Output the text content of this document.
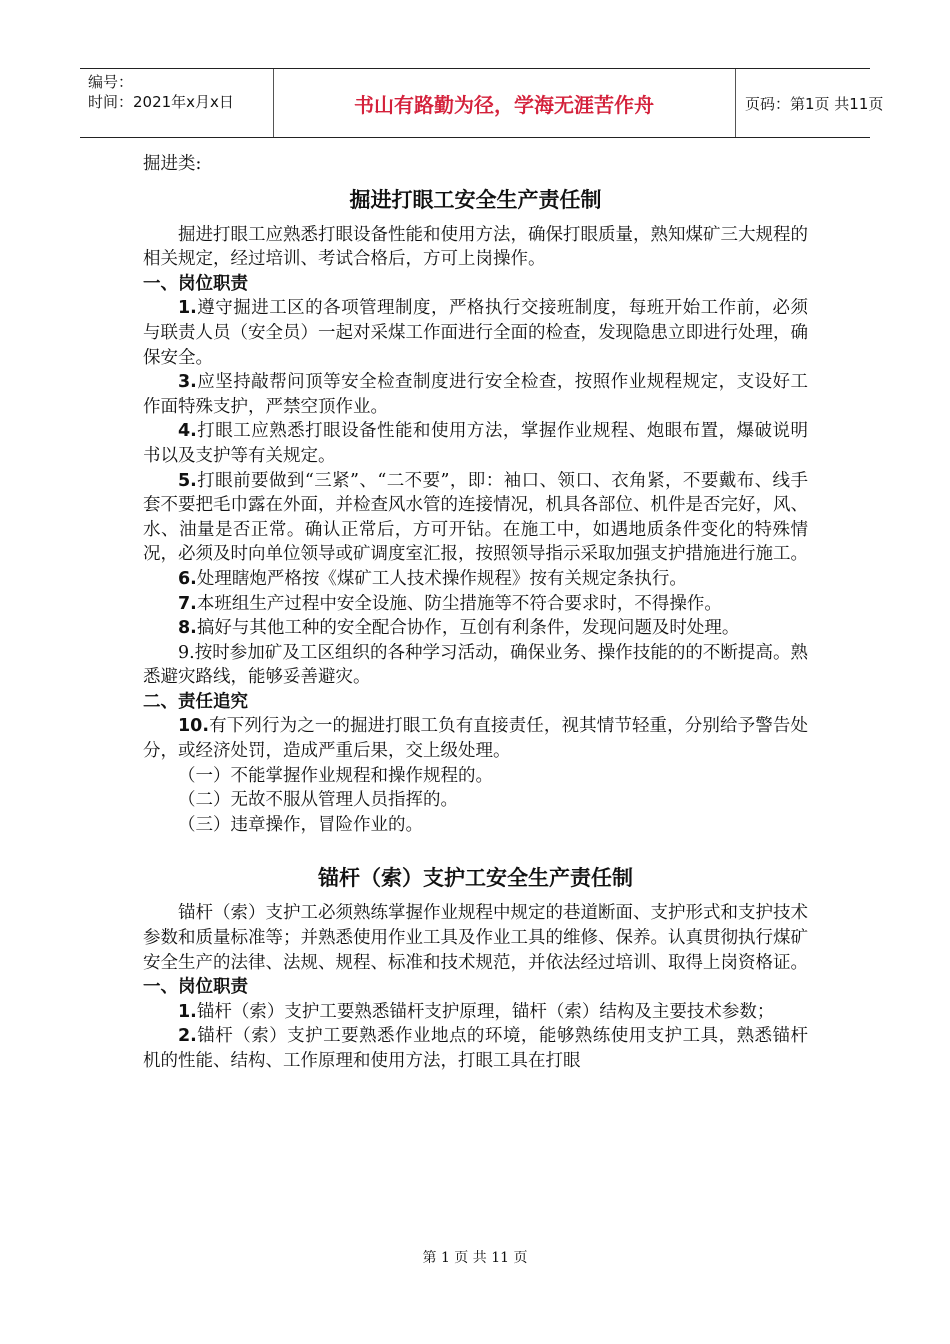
编号：
时间：2021年x月x日	书山有路勤为径，学海无涯苦作舟	页码：第1页 共11页

掘进类:

掘进打眼工安全生产责任制

掘进打眼工应熟悉打眼设备性能和使用方法，确保打眼质量，熟知煤矿三大规程的相关规定，经过培训、考试合格后，方可上岗操作。

一、岗位职责

1.遵守掘进工区的各项管理制度，严格执行交接班制度，每班开始工作前，必须与联责人员（安全员）一起对采煤工作面进行全面的检查，发现隐患立即进行处理，确保安全。

3.应坚持敲帮问顶等安全检查制度进行安全检查，按照作业规程规定，支设好工作面特殊支护，严禁空顶作业。

4.打眼工应熟悉打眼设备性能和使用方法，掌握作业规程、炮眼布置，爆破说明书以及支护等有关规定。

5.打眼前要做到“三紧”、“二不要”，即：袖口、领口、衣角紧，不要戴布、线手套不要把毛巾露在外面，并检查风水管的连接情况，机具各部位、机件是否完好，风、水、油量是否正常。确认正常后，方可开钻。在施工中，如遇地质条件变化的特殊情况，必须及时向单位领导或矿调度室汇报，按照领导指示采取加强支护措施进行施工。

6.处理瞎炮严格按《煤矿工人技术操作规程》按有关规定条执行。

7.本班组生产过程中安全设施、防尘措施等不符合要求时，不得操作。

8.搞好与其他工种的安全配合协作，互创有利条件，发现问题及时处理。

9.按时参加矿及工区组织的各种学习活动，确保业务、操作技能的的不断提高。熟悉避灾路线，能够妥善避灾。

二、责任追究

10.有下列行为之一的掘进打眼工负有直接责任，视其情节轻重，分别给予警告处分，或经济处罚，造成严重后果，交上级处理。

（一）不能掌握作业规程和操作规程的。

（二）无故不服从管理人员指挥的。

（三）违章操作，冒险作业的。

锚杆（索）支护工安全生产责任制

锚杆（索）支护工必须熟练掌握作业规程中规定的巷道断面、支护形式和支护技术参数和质量标准等；并熟悉使用作业工具及作业工具的维修、保养。认真贯彻执行煤矿安全生产的法律、法规、规程、标准和技术规范，并依法经过培训、取得上岗资格证。

一、岗位职责

1.锚杆（索）支护工要熟悉锚杆支护原理，锚杆（索）结构及主要技术参数；

2.锚杆（索）支护工要熟悉作业地点的环境，能够熟练使用支护工具，熟悉锚杆机的性能、结构、工作原理和使用方法，打眼工具在打眼

第 1 页 共 11 页
